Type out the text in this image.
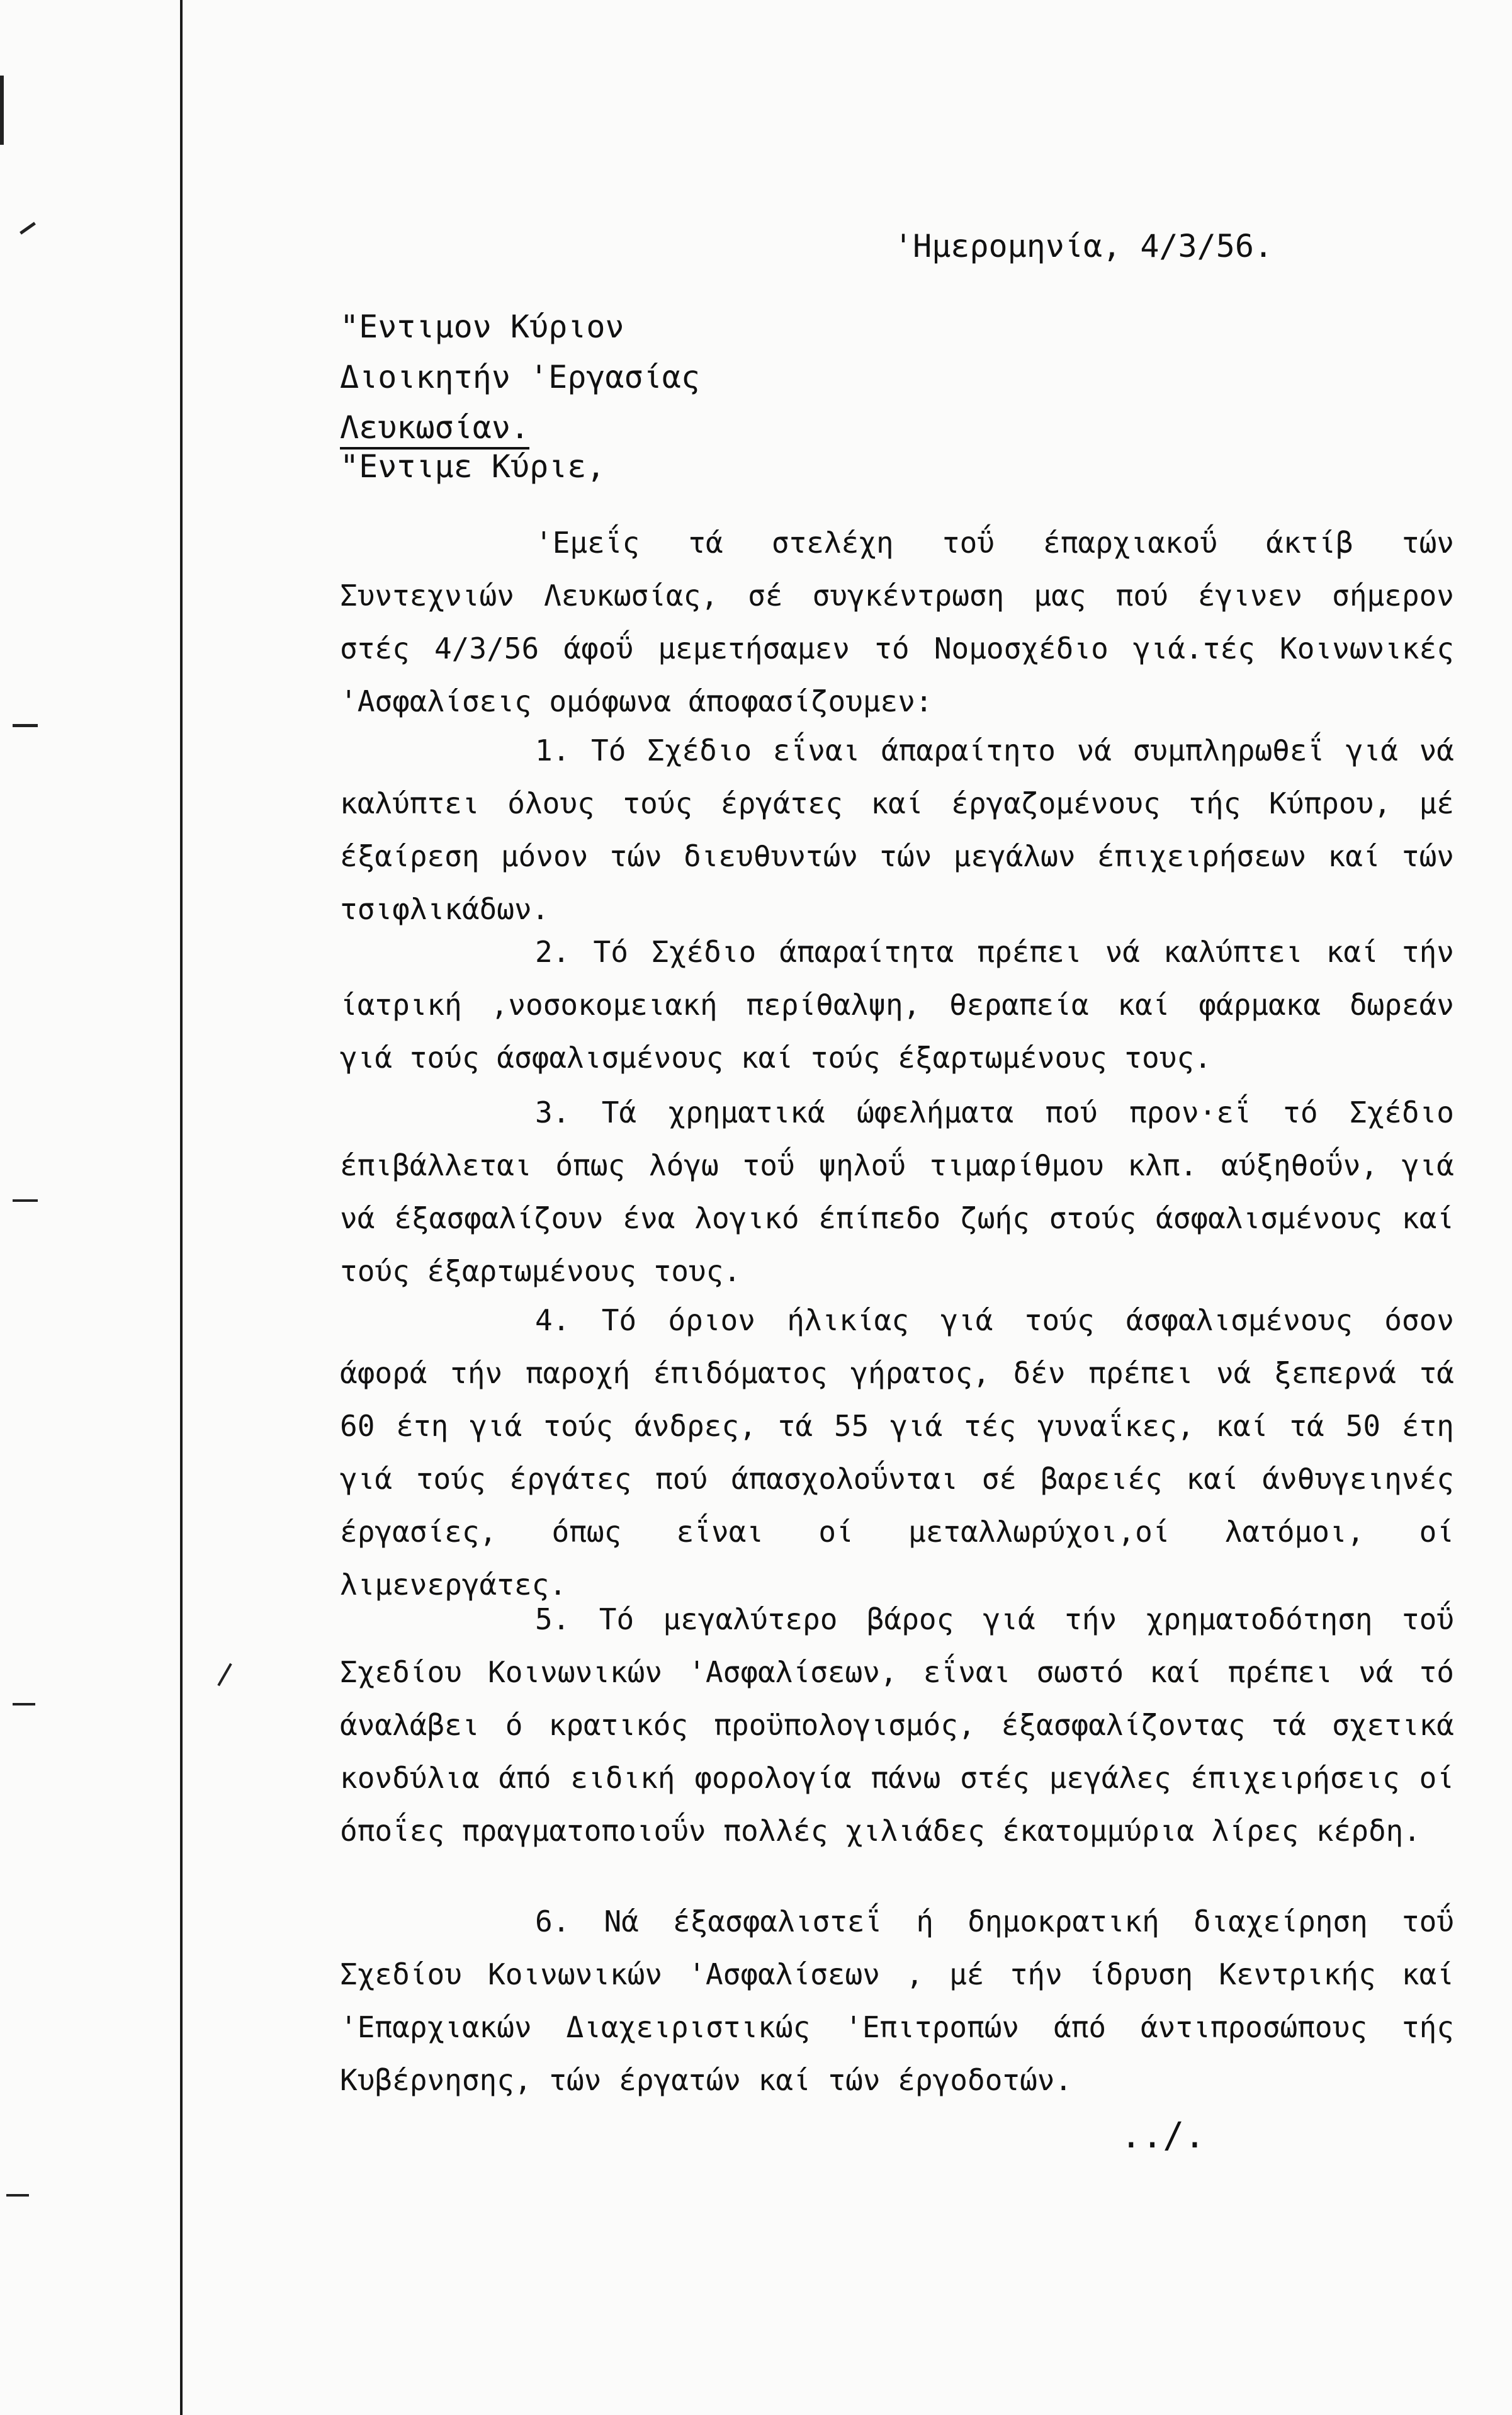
'Ημερομηνία, 4/3/56.
"Εντιμον Κύριον
Διοικητήν 'Εργασίας
Λευκωσίαν.
"Εντιμε Κύριε,
'Εμεΐς τά στελέχη τοΰ έπαρχιακοΰ άκτίβ τών Συντεχνιών Λευκωσίας, σέ συγκέντρωση μας πού έγινεν σήμερον στές 4/3/56 άφοΰ μεμετήσαμεν τό Νομοσχέδιο γιά.τές Κοινωνικές 'Ασφαλίσεις ομόφωνα άποφασίζουμεν:
1. Τό Σχέδιο εΐναι άπαραίτητο νά συμπληρωθεΐ γιά νά καλύπτει όλους τούς έργάτες καί έργαζομένους τής Κύπρου, μέ έξαίρεση μόνον τών διευθυντών τών μεγάλων έπιχειρήσεων καί τών τσιφλικάδων.
2. Τό Σχέδιο άπαραίτητα πρέπει νά καλύπτει καί τήν ίατρική ,νοσοκομειακή περίθαλψη, θεραπεία καί φάρμακα δωρεάν γιά τούς άσφαλισμένους καί τούς έξαρτωμένους τους.
3. Τά χρηματικά ώφελήματα πού προν·εΐ τό Σχέδιο έπιβάλλεται όπως λόγω τοΰ ψηλοΰ τιμαρίθμου κλπ. αύξηθοΰν, γιά νά έξασφαλίζουν ένα λογικό έπίπεδο ζωής στούς άσφαλισμένους καί τούς έξαρτωμένους τους.
4. Τό όριον ήλικίας γιά τούς άσφαλισμένους όσον άφορά τήν παροχή έπιδόματος γήρατος, δέν πρέπει νά ξεπερνά τά 60 έτη γιά τούς άνδρες, τά 55 γιά τές γυναΐκες, καί τά 50 έτη γιά τούς έργάτες πού άπασχολοΰνται σέ βαρειές καί άνθυγειηνές έργασίες, όπως εΐναι οί μεταλλωρύχοι,οί λατόμοι, οί λιμενεργάτες.
5. Τό μεγαλύτερο βάρος γιά τήν χρηματοδότηση τοΰ Σχεδίου Κοινωνικών 'Ασφαλίσεων, εΐναι σωστό καί πρέπει νά τό άναλάβει ό κρατικός προϋπολογισμός, έξασφαλίζοντας τά σχετικά κονδύλια άπό ειδική φορολογία πάνω στές μεγάλες έπιχειρήσεις οί όποΐες πραγματοποιοΰν πολλές χιλιάδες έκατομμύρια λίρες κέρδη.
6. Νά έξασφαλιστεΐ ή δημοκρατική διαχείρηση τοΰ Σχεδίου Κοινωνικών 'Ασφαλίσεων , μέ τήν ίδρυση Κεντρικής καί 'Επαρχιακών Διαχειριστικώς 'Επιτροπών άπό άντιπροσώπους τής Κυβέρνησης, τών έργατών καί τών έργοδοτών.
../.
